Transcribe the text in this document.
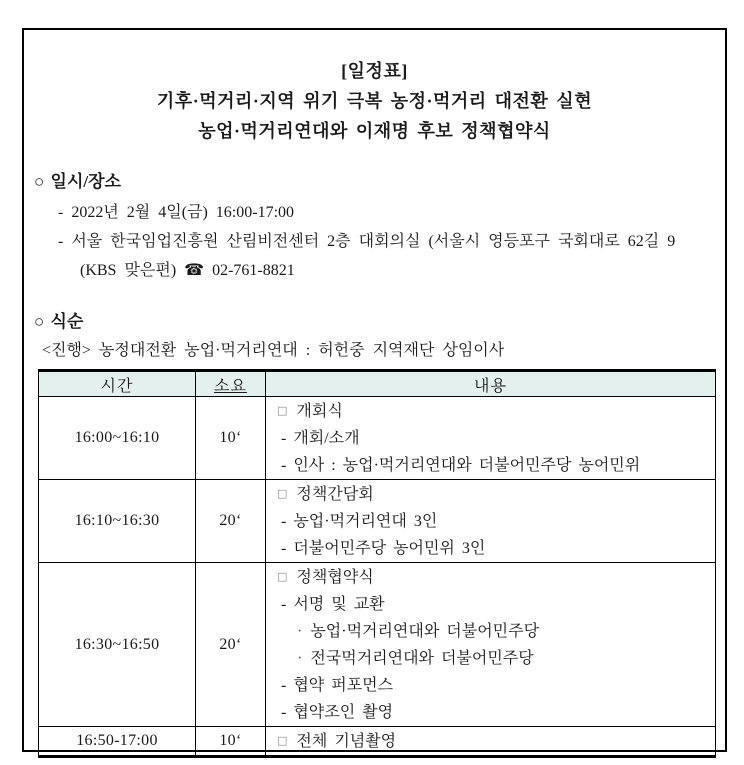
[일정표]
기후·먹거리·지역 위기 극복 농정·먹거리 대전환 실현
농업·먹거리연대와 이재명 후보 정책협약식
○ 일시/장소
- 2022년 2월 4일(금) 16:00-17:00
- 서울 한국임업진흥원 산림비전센터 2층 대회의실 (서울시 영등포구 국회대로 62길 9
(KBS 맞은편) ☎ 02-761-8821
○ 식순
<진행> 농정대전환 농업·먹거리연대 : 허헌중 지역재단 상임이사
시간	소요	내용
16:00~16:10	10‘	□ 개회식
- 개회/소개
- 인사 : 농업·먹거리연대와 더불어민주당 농어민위

16:10~16:30	20‘	□ 정책간담회
- 농업·먹거리연대 3인
- 더불어민주당 농어민위 3인

16:30~16:50	20‘	
□ 정책협약식
- 서명 및 교환
· 농업·먹거리연대와 더불어민주당
· 전국먹거리연대와 더불어민주당
- 협약 퍼포먼스
- 협약조인 촬영

16:50-17:00	10‘	□ 전체 기념촬영
